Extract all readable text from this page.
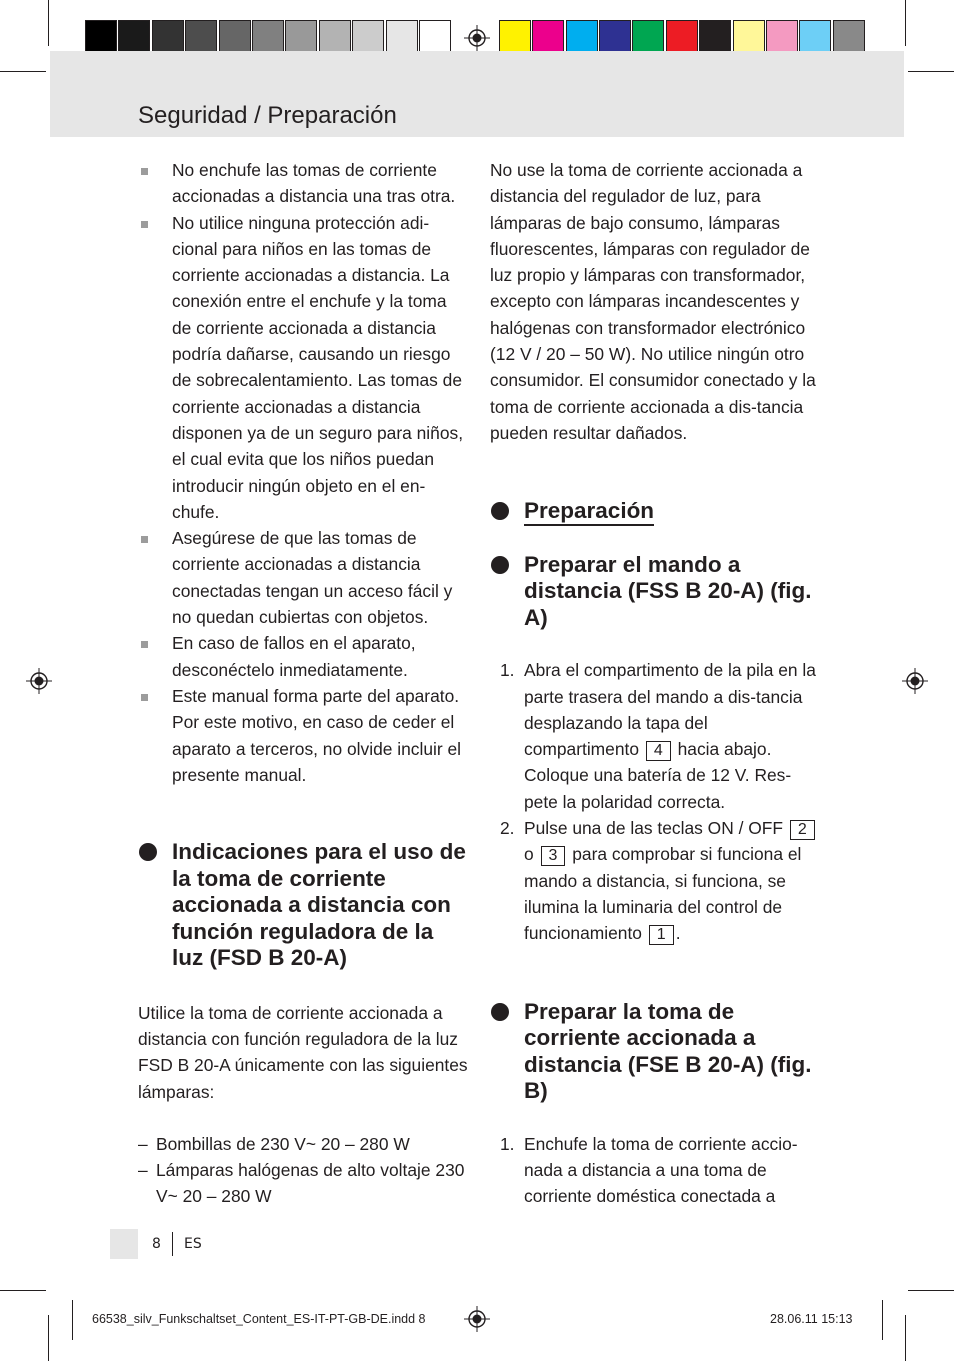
Seguridad / Preparación
No enchufe las tomas de corriente accionadas a distancia una tras otra.
No utilice ninguna protección adi-cional para niños en las tomas de corriente accionadas a distancia. La conexión entre el enchufe y la toma de corriente accionada a distancia podría dañarse, causando un riesgo de sobrecalentamiento. Las tomas de corriente accionadas a distancia disponen ya de un seguro para niños, el cual evita que los niños puedan introducir ningún objeto en el en-chufe.
Asegúrese de que las tomas de corriente accionadas a distancia conectadas tengan un acceso fácil y no quedan cubiertas con objetos.
En caso de fallos en el aparato, desconéctelo inmediatamente.
Este manual forma parte del aparato. Por este motivo, en caso de ceder el aparato a terceros, no olvide incluir el presente manual.
Indicaciones para el uso de la toma de corriente accionada a distancia con función reguladora de la luz (FSD B 20-A)

Utilice la toma de corriente accionada a distancia con función reguladora de la luz FSD B 20-A únicamente con las siguientes lámparas:

– Bombillas de 230 V~ 20 – 280 W
– Lámparas halógenas de alto voltaje 230 V~ 20 – 280 W

No use la toma de corriente accionada a distancia del regulador de luz, para lámparas de bajo consumo, lámparas fluorescentes, lámparas con regulador de luz propio y lámparas con transformador, excepto con lámparas incandescentes y halógenas con transformador electrónico (12 V / 20 – 50 W). No utilice ningún otro consumidor. El consumidor conectado y la toma de corriente accionada a dis-tancia pueden resultar dañados.

Preparación
Preparar el mando a distancia (FSS B 20-A) (fig. A)
1. Abra el compartimento de la pila en la parte trasera del mando a dis-tancia desplazando la tapa del compartimento 4 hacia abajo. Coloque una batería de 12 V. Res-pete la polaridad correcta.
2. Pulse una de las teclas ON / OFF 2 o 3 para comprobar si funciona el mando a distancia, si funciona, se ilumina la luminaria del control de funcionamiento 1 .
Preparar la toma de corriente accionada a distancia (FSE B 20-A) (fig. B)
1. Enchufe la toma de corriente accio-nada a distancia a una toma de corriente doméstica conectada a
8 ES
66538_silv_Funkschaltset_Content_ES-IT-PT-GB-DE.indd 8	28.06.11 15:13
